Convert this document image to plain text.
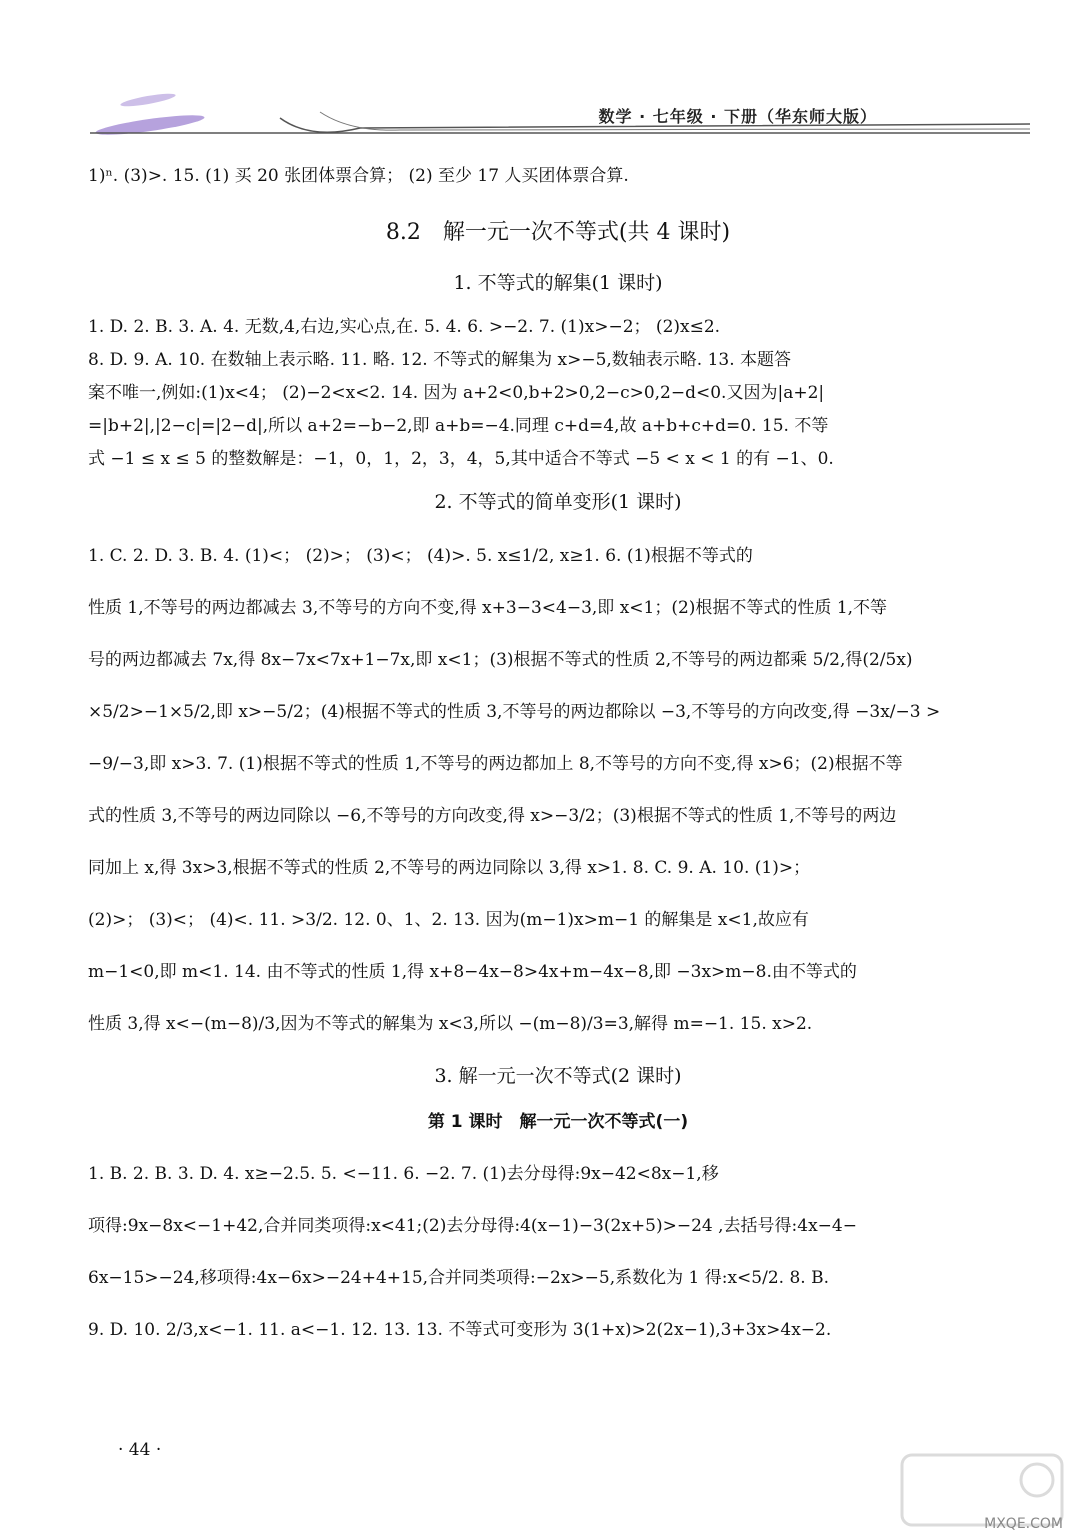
数学 · 七年级 · 下册（华东师大版）
1)ⁿ. (3)>. 15. (1) 买 20 张团体票合算； (2) 至少 17 人买团体票合算.
8.2　解一元一次不等式(共 4 课时)
1. 不等式的解集(1 课时)
1. D. 2. B. 3. A. 4. 无数,4,右边,实心点,在. 5. 4. 6. >−2. 7. (1)x>−2； (2)x≤2.
8. D. 9. A. 10. 在数轴上表示略. 11. 略. 12. 不等式的解集为 x>−5,数轴表示略. 13. 本题答
案不唯一,例如:(1)x<4； (2)−2<x<2. 14. 因为 a+2<0,b+2>0,2−c>0,2−d<0.又因为|a+2|
=|b+2|,|2−c|=|2−d|,所以 a+2=−b−2,即 a+b=−4.同理 c+d=4,故 a+b+c+d=0. 15. 不等
式 −1 ≤ x ≤ 5 的整数解是：−1，0，1，2，3，4，5,其中适合不等式 −5 < x < 1 的有 −1、0.
2. 不等式的简单变形(1 课时)
1. C. 2. D. 3. B. 4. (1)<； (2)>； (3)<； (4)>. 5. x≤1/2, x≥1. 6. (1)根据不等式的
性质 1,不等号的两边都减去 3,不等号的方向不变,得 x+3−3<4−3,即 x<1；(2)根据不等式的性质 1,不等
号的两边都减去 7x,得 8x−7x<7x+1−7x,即 x<1；(3)根据不等式的性质 2,不等号的两边都乘 5/2,得(2/5x)
×5/2>−1×5/2,即 x>−5/2；(4)根据不等式的性质 3,不等号的两边都除以 −3,不等号的方向改变,得 −3x/−3 >
−9/−3,即 x>3. 7. (1)根据不等式的性质 1,不等号的两边都加上 8,不等号的方向不变,得 x>6；(2)根据不等
式的性质 3,不等号的两边同除以 −6,不等号的方向改变,得 x>−3/2；(3)根据不等式的性质 1,不等号的两边
同加上 x,得 3x>3,根据不等式的性质 2,不等号的两边同除以 3,得 x>1. 8. C. 9. A. 10. (1)>；
(2)>； (3)<； (4)<. 11. >3/2. 12. 0、1、2. 13. 因为(m−1)x>m−1 的解集是 x<1,故应有
m−1<0,即 m<1. 14. 由不等式的性质 1,得 x+8−4x−8>4x+m−4x−8,即 −3x>m−8.由不等式的
性质 3,得 x<−(m−8)/3,因为不等式的解集为 x<3,所以 −(m−8)/3=3,解得 m=−1. 15. x>2.
3. 解一元一次不等式(2 课时)
第 1 课时　解一元一次不等式(一)
1. B. 2. B. 3. D. 4. x≥−2.5. 5. <−11. 6. −2. 7. (1)去分母得:9x−42<8x−1,移
项得:9x−8x<−1+42,合并同类项得:x<41;(2)去分母得:4(x−1)−3(2x+5)>−24 ,去括号得:4x−4−
6x−15>−24,移项得:4x−6x>−24+4+15,合并同类项得:−2x>−5,系数化为 1 得:x<5/2. 8. B.
9. D. 10. 2/3,x<−1. 11. a<−1. 12. 13. 13. 不等式可变形为 3(1+x)>2(2x−1),3+3x>4x−2.
· 44 ·
MXQE.COM
